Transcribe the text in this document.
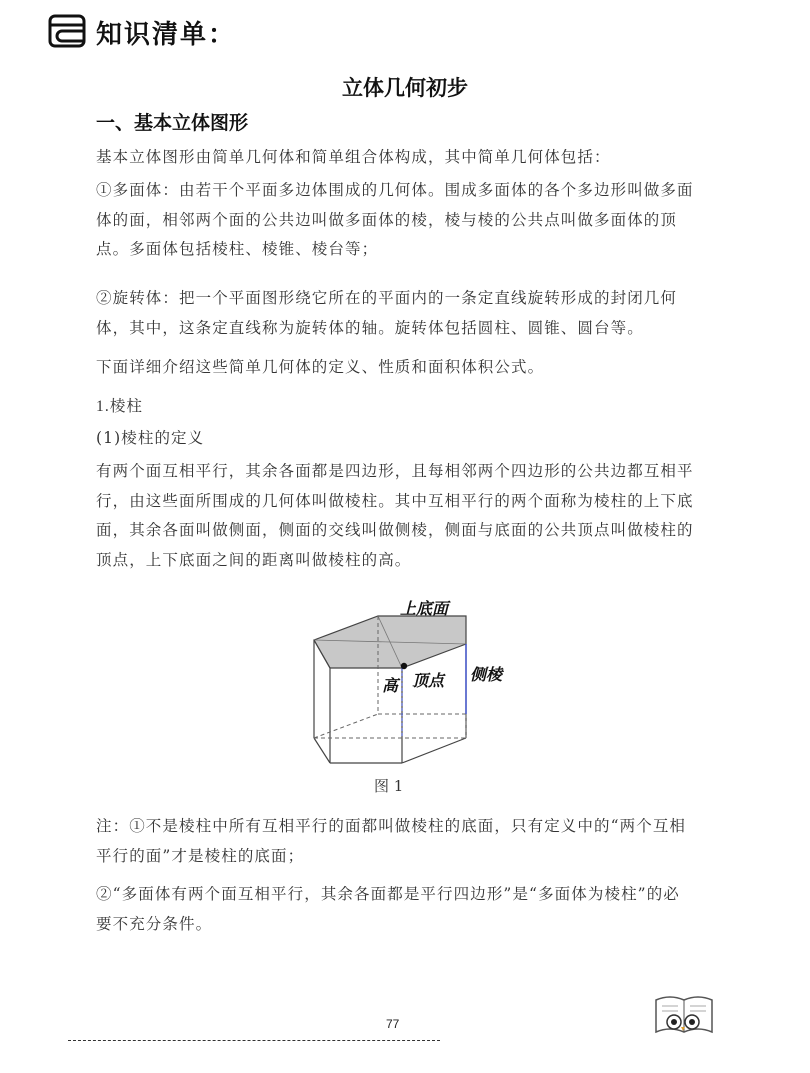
知识清单：
立体几何初步
一、基本立体图形
基本立体图形由简单几何体和简单组合体构成，其中简单几何体包括：
①多面体：由若干个平面多边体围成的几何体。围成多面体的各个多边形叫做多面体的面，相邻两个面的公共边叫做多面体的棱，棱与棱的公共点叫做多面体的顶点。多面体包括棱柱、棱锥、棱台等；
②旋转体：把一个平面图形绕它所在的平面内的一条定直线旋转形成的封闭几何体，其中，这条定直线称为旋转体的轴。旋转体包括圆柱、圆锥、圆台等。
下面详细介绍这些简单几何体的定义、性质和面积体积公式。
1.棱柱
(1)棱柱的定义
有两个面互相平行，其余各面都是四边形，且每相邻两个四边形的公共边都互相平行，由这些面所围成的几何体叫做棱柱。其中互相平行的两个面称为棱柱的上下底面，其余各面叫做侧面，侧面的交线叫做侧棱，侧面与底面的公共顶点叫做棱柱的顶点，上下底面之间的距离叫做棱柱的高。
上底面
高 顶点 侧棱
图 1
注：①不是棱柱中所有互相平行的面都叫做棱柱的底面，只有定义中的“两个互相平行的面”才是棱柱的底面；
②“多面体有两个面互相平行，其余各面都是平行四边形”是“多面体为棱柱”的必要不充分条件。
77
